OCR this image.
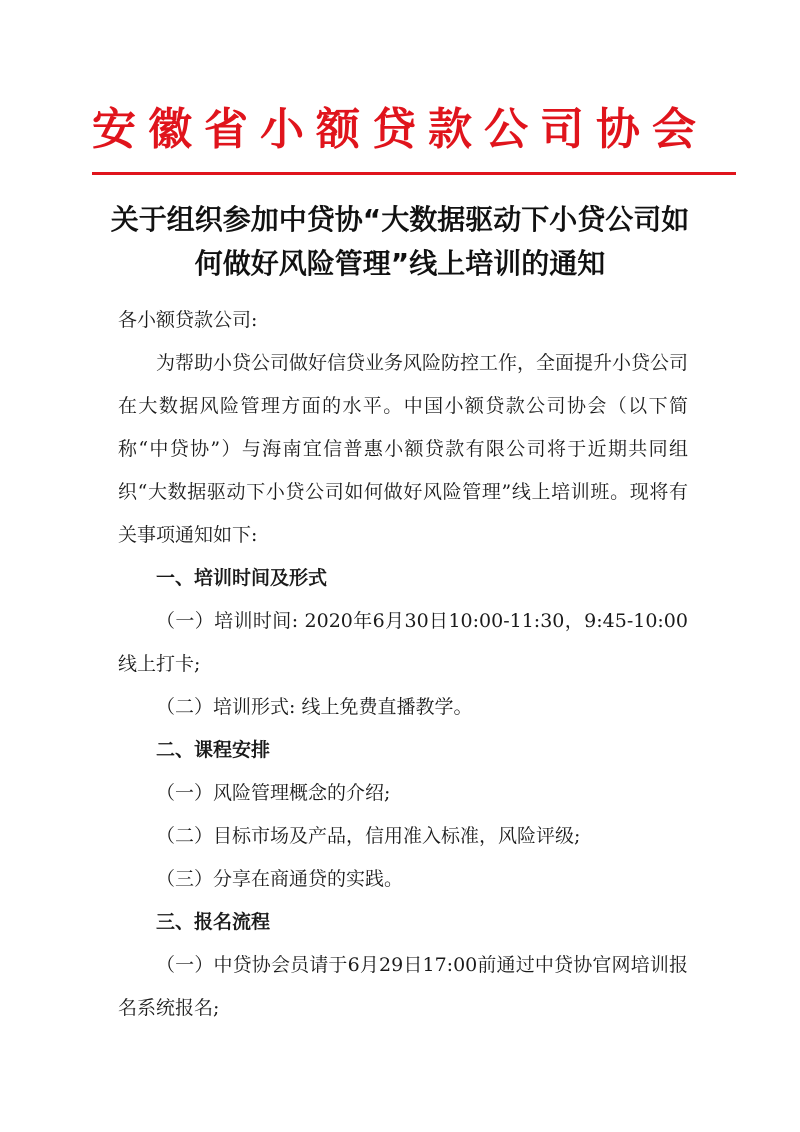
安徽省小额贷款公司协会
关于组织参加中贷协“大数据驱动下小贷公司如
何做好风险管理”线上培训的通知

各小额贷款公司:

为帮助小贷公司做好信贷业务风险防控工作，全面提升小贷公司在大数据风险管理方面的水平。中国小额贷款公司协会（以下简称“中贷协”）与海南宜信普惠小额贷款有限公司将于近期共同组织“大数据驱动下小贷公司如何做好风险管理”线上培训班。现将有关事项通知如下:

一、培训时间及形式

（一）培训时间: 2020年6月30日10:00-11:30，9:45-10:00线上打卡;

（二）培训形式: 线上免费直播教学。

二、课程安排

（一）风险管理概念的介绍;

（二）目标市场及产品，信用准入标准，风险评级;

（三）分享在商通贷的实践。

三、报名流程

（一）中贷协会员请于6月29日17:00前通过中贷协官网培训报名系统报名;
